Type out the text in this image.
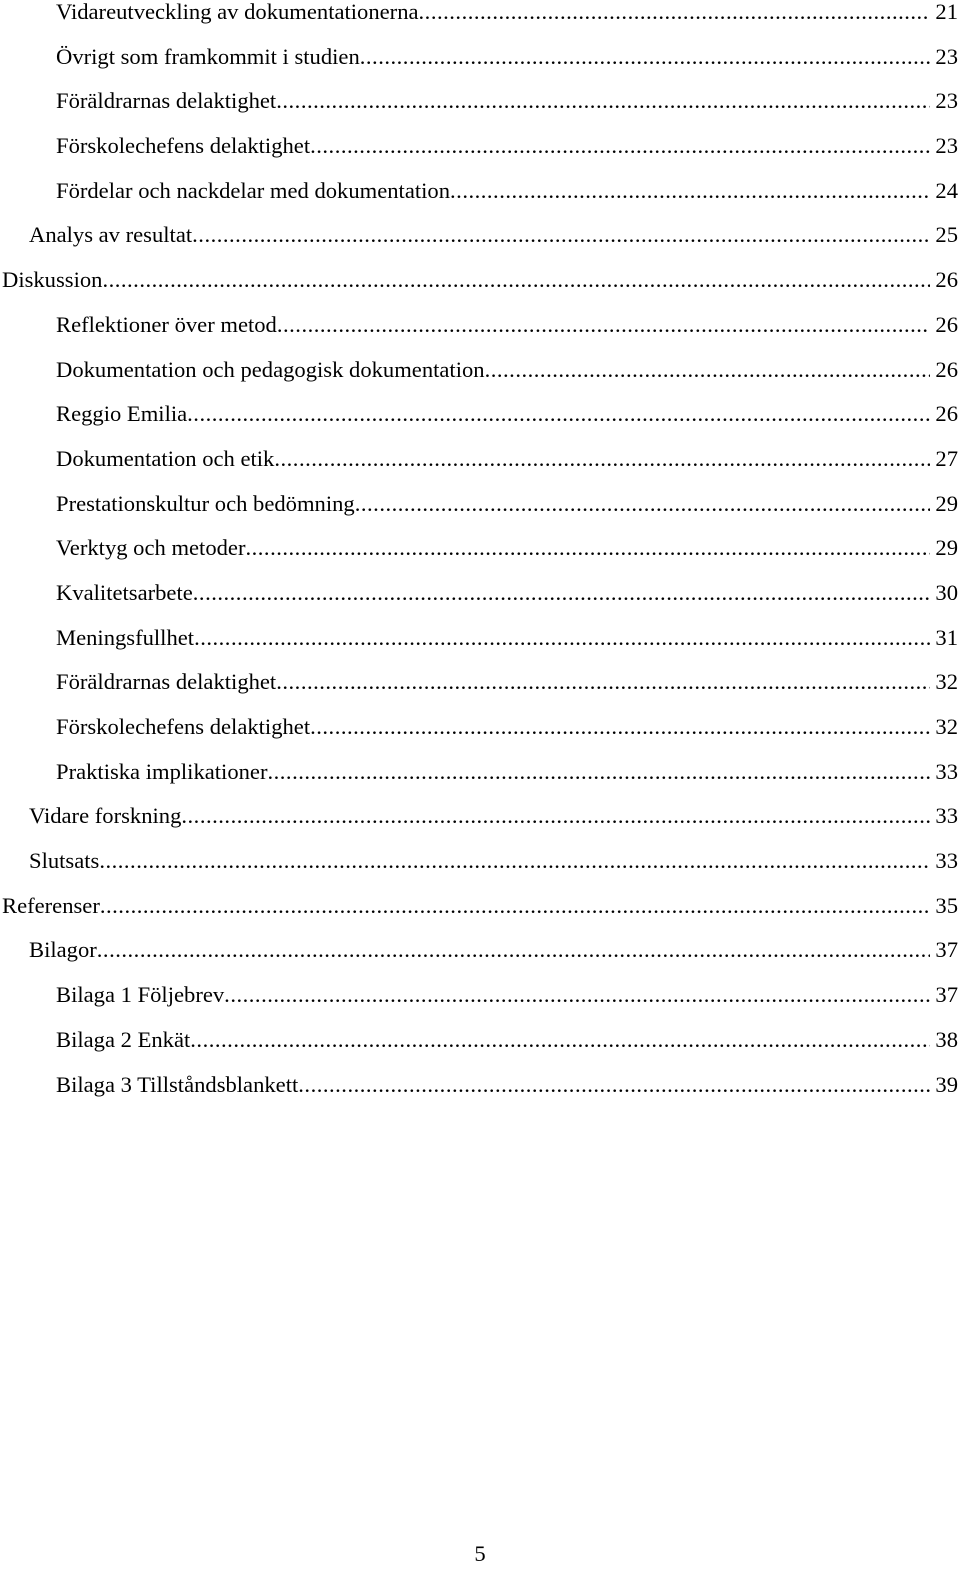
Vidareutveckling av dokumentationerna .....	21
Övrigt som framkommit i studien .....	23
Föräldrarnas delaktighet .....	23
Förskolechefens delaktighet .....	23
Fördelar och nackdelar med dokumentation .....	24
Analys av resultat .....	25
Diskussion .....	26
Reflektioner över metod .....	26
Dokumentation och pedagogisk dokumentation .....	26
Reggio Emilia .....	26
Dokumentation och etik .....	27
Prestationskultur och bedömning .....	29
Verktyg och metoder .....	29
Kvalitetsarbete .....	30
Meningsfullhet .....	31
Föräldrarnas delaktighet .....	32
Förskolechefens delaktighet .....	32
Praktiska implikationer .....	33
Vidare forskning .....	33
Slutsats .....	33
Referenser .....	35
Bilagor .....	37
Bilaga 1 Följebrev .....	37
Bilaga 2 Enkät .....	38
Bilaga 3 Tillståndsblankett .....	39
5
